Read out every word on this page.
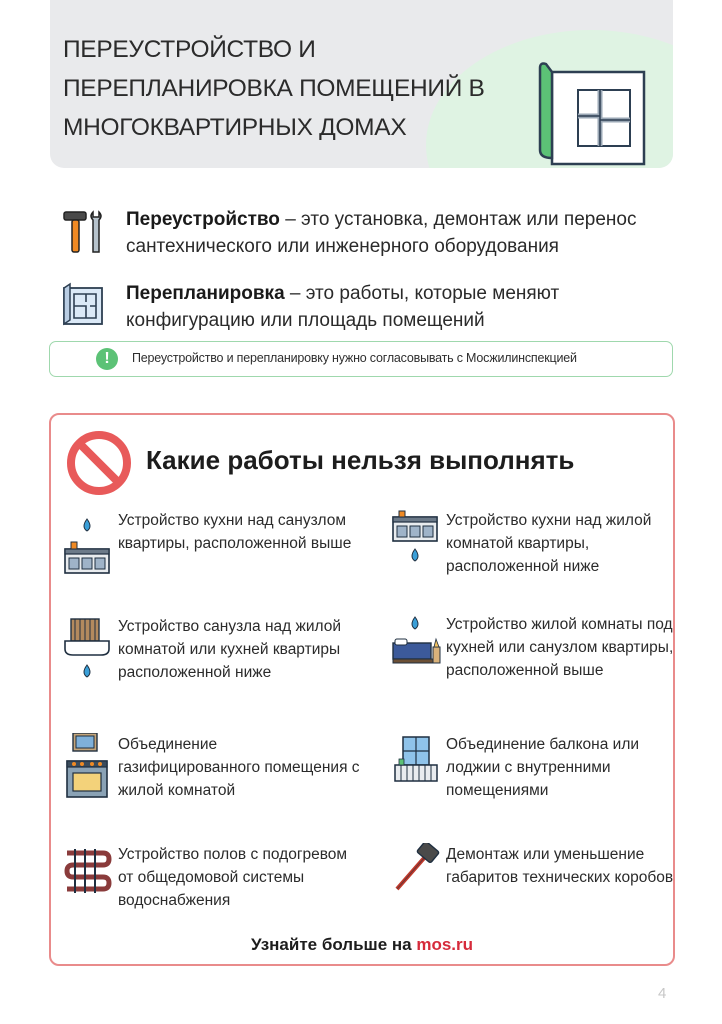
ПЕРЕУСТРОЙСТВО И ПЕРЕПЛАНИРОВКА ПОМЕЩЕНИЙ В МНОГОКВАРТИРНЫХ ДОМАХ
Переустройство – это установка, демонтаж или перенос сантехнического или инженерного оборудования
Перепланировка – это работы, которые меняют конфигурацию или площадь помещений
!	Переустройство и перепланировку нужно согласовывать с Мосжилинспекцией
Какие работы нельзя выполнять
Устройство кухни над санузлом квартиры, расположенной выше
Устройство кухни над жилой комнатой квартиры, расположенной ниже
Устройство санузла над жилой комнатой или кухней квартиры расположенной ниже
Устройство жилой комнаты под кухней или санузлом квартиры, расположенной выше
Объединение газифицированного помещения с жилой комнатой
Объединение балкона или лоджии с внутренними помещениями
Устройство полов с подогревом от общедомовой системы водоснабжения
Демонтаж или уменьшение габаритов технических коробов
Узнайте больше на mos.ru
4
